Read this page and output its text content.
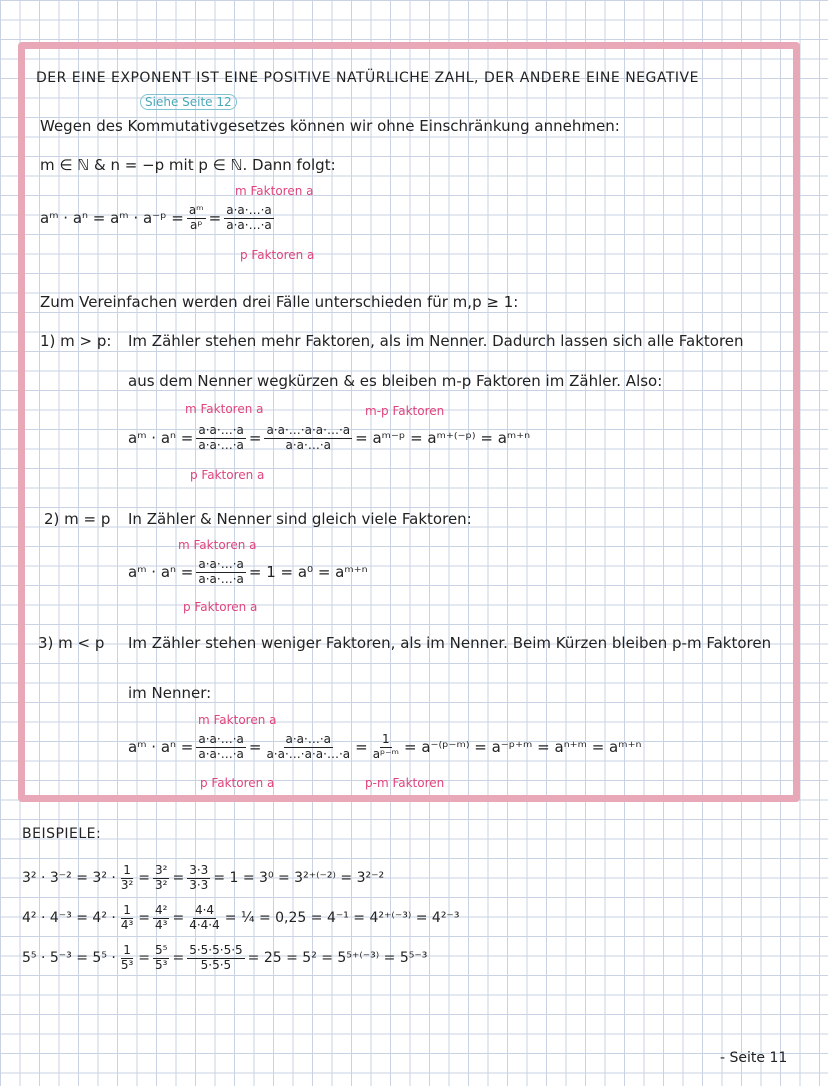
DER EINE EXPONENT IST EINE POSITIVE NATÜRLICHE ZAHL, DER ANDERE EINE NEGATIVE
Siehe Seite 12
Wegen des Kommutativgesetzes können wir ohne Einschränkung annehmen:
m ∈ ℕ & n = −p mit p ∈ ℕ. Dann folgt:
m Faktoren a
aᵐ · aⁿ = aᵐ · a⁻ᵖ = $\frac{\text{aᵐ}}{\text{aᵖ}} = \frac{a\cdot a\cdot\dots\cdot a}{a\cdot a\cdot\dots\cdot a}$
p Faktoren a
Zum Vereinfachen werden drei Fälle unterschieden für m,p ≥ 1:
1) m > p: Im Zähler stehen mehr Faktoren, als im Nenner. Dadurch lassen sich alle Faktoren
aus dem Nenner wegkürzen & es bleiben m-p Faktoren im Zähler. Also:
m Faktoren a	m-p Faktoren
aᵐ · $a^n = \frac{a\cdot a\cdot\dots\cdot a}{a\cdot a\cdot\dots\cdot a} = \frac{a\cdot a\cdot\dots\cdot a\cdot a\cdot\dots\cdot a}{a\cdot a\cdot\dots\cdot a}$ = aᵐ⁻ᵖ = aᵐ⁺⁽⁻ᵖ⁾ = aᵐ⁺ⁿ
p Faktoren a
2) m = p In Zähler & Nenner sind gleich viele Faktoren:
m Faktoren a
aᵐ · $a^n = \frac{a\cdot a\cdot\dots\cdot a}{a\cdot a\cdot\dots\cdot a} = 1 = a^0$ = aᵐ⁺ⁿ
p Faktoren a
3) m < p Im Zähler stehen weniger Faktoren, als im Nenner. Beim Kürzen bleiben p-m Faktoren
im Nenner:
m Faktoren a
aᵐ · $a^n = \frac{a\cdot a\cdot\dots\cdot a}{a\cdot a\cdot\dots\cdot a} = \frac{a\cdot a\cdot\dots\cdot a}{a\cdot a\cdot\dots\cdot a\cdot a\cdot\dots\cdot a} = \frac{1}{\text{aᵖ⁻ᵐ}}$ = a⁻⁽ᵖ⁻ᵐ⁾ = a⁻ᵖ⁺ᵐ = aⁿ⁺ᵐ = aᵐ⁺ⁿ
p Faktoren a	p-m Faktoren
BEISPIELE:
$3^2 \cdot 3^{-2} = 3^2 \cdot \frac{1}{\text{3²}} = \frac{\text{3²}}{\text{3²}} = \frac{3\cdot 3}{3\cdot 3} = 1 = 3^0 = 3^{2+(-2)} = 3^{2-2}$
$4^2 \cdot 4^{-3} = 4^2 \cdot \frac{1}{\text{4³}} = \frac{\text{4²}}{\text{4³}} = \frac{4\cdot 4}{4\cdot 4\cdot 4}$ = ¼ = 0,25 = 4⁻¹ = 4²⁺⁽⁻³⁾ = 4²⁻³
$5^5 \cdot 5^{-3} = 5^5 \cdot \frac{1}{\text{5³}} = \frac{\text{5⁵}}{\text{5³}} = \frac{5\cdot 5\cdot 5\cdot 5\cdot 5}{5\cdot 5\cdot 5} = 25 = 5^2 = 5^{5+(-3)} = 5^{5-3}$
- Seite 11
